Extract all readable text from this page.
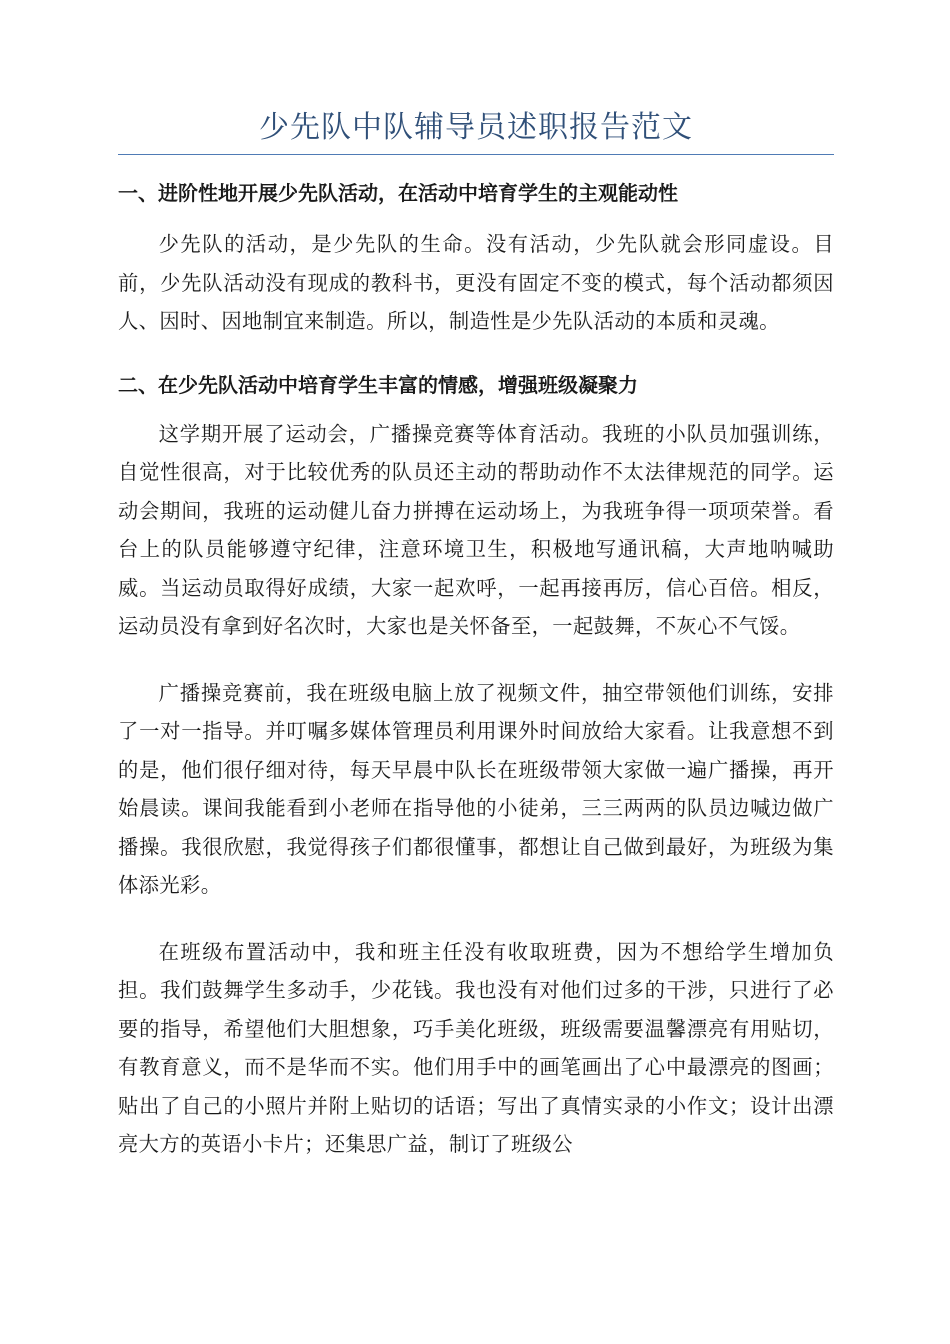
少先队中队辅导员述职报告范文
一、进阶性地开展少先队活动，在活动中培育学生的主观能动性

少先队的活动，是少先队的生命。没有活动，少先队就会形同虚设。目前，少先队活动没有现成的教科书，更没有固定不变的模式，每个活动都须因人、因时、因地制宜来制造。所以，制造性是少先队活动的本质和灵魂。

二、在少先队活动中培育学生丰富的情感，增强班级凝聚力

这学期开展了运动会，广播操竞赛等体育活动。我班的小队员加强训练，自觉性很高，对于比较优秀的队员还主动的帮助动作不太法律规范的同学。运动会期间，我班的运动健儿奋力拼搏在运动场上，为我班争得一项项荣誉。看台上的队员能够遵守纪律，注意环境卫生，积极地写通讯稿，大声地呐喊助威。当运动员取得好成绩，大家一起欢呼，一起再接再厉，信心百倍。相反，运动员没有拿到好名次时，大家也是关怀备至，一起鼓舞，不灰心不气馁。

广播操竞赛前，我在班级电脑上放了视频文件，抽空带领他们训练，安排了一对一指导。并叮嘱多媒体管理员利用课外时间放给大家看。让我意想不到的是，他们很仔细对待，每天早晨中队长在班级带领大家做一遍广播操，再开始晨读。课间我能看到小老师在指导他的小徒弟，三三两两的队员边喊边做广播操。我很欣慰，我觉得孩子们都很懂事，都想让自己做到最好，为班级为集体添光彩。

在班级布置活动中，我和班主任没有收取班费，因为不想给学生增加负担。我们鼓舞学生多动手，少花钱。我也没有对他们过多的干涉，只进行了必要的指导，希望他们大胆想象，巧手美化班级，班级需要温馨漂亮有用贴切，有教育意义，而不是华而不实。他们用手中的画笔画出了心中最漂亮的图画；贴出了自己的小照片并附上贴切的话语；写出了真情实录的小作文；设计出漂亮大方的英语小卡片；还集思广益，制订了班级公
